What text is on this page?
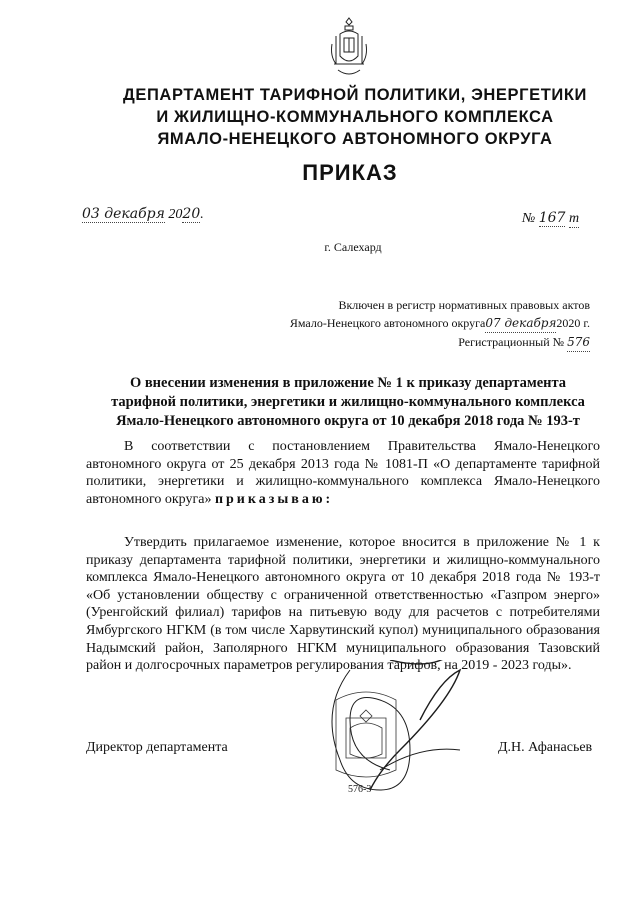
ДЕПАРТАМЕНТ ТАРИФНОЙ ПОЛИТИКИ, ЭНЕРГЕТИКИ
И ЖИЛИЩНО-КОММУНАЛЬНОГО КОМПЛЕКСА
ЯМАЛО-НЕНЕЦКОГО АВТОНОМНОГО ОКРУГА
ПРИКАЗ
03 декабря 2020.	№ 167 т
г. Салехард
Включен в регистр нормативных правовых актов
Ямало-Ненецкого автономного округа07 декабря2020 г.
Регистрационный № 576
О внесении изменения в приложение № 1 к приказу департамента
тарифной политики, энергетики и жилищно-коммунального комплекса
Ямало-Ненецкого автономного округа от 10 декабря 2018 года № 193-т
В соответствии с постановлением Правительства Ямало-Ненецкого автономного округа от 25 декабря 2013 года № 1081-П «О департаменте тарифной политики, энергетики и жилищно-коммунального комплекса Ямало-Ненецкого автономного округа» приказываю:
Утвердить прилагаемое изменение, которое вносится в приложение № 1 к приказу департамента тарифной политики, энергетики и жилищно-коммунального комплекса Ямало-Ненецкого автономного округа от 10 декабря 2018 года № 193-т «Об установлении обществу с ограниченной ответственностью «Газпром энерго» (Уренгойский филиал) тарифов на питьевую воду для расчетов с потребителями Ямбургского НГКМ (в том числе Харвутинский купол) муниципального образования Надымский район, Заполярного НГКМ муниципального образования Тазовский район и долгосрочных параметров регулирования тарифов, на 2019 - 2023 годы».
576-3
Директор департамента	Д.Н. Афанасьев
